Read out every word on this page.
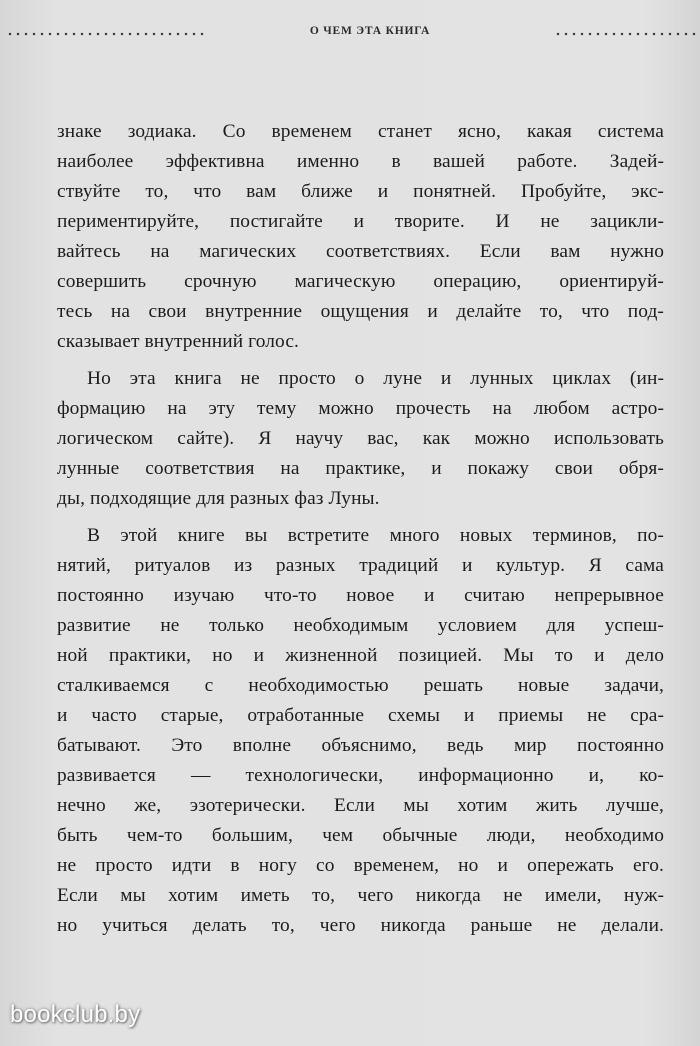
О ЧЕМ ЭТА КНИГА
знаке зодиака. Со временем станет ясно, какая система
наиболее эффективна именно в вашей работе. Задей-
ствуйте то, что вам ближе и понятней. Пробуйте, экс-
периментируйте, постигайте и творите. И не зацикли-
вайтесь на магических соответствиях. Если вам нужно
совершить срочную магическую операцию, ориентируй-
тесь на свои внутренние ощущения и делайте то, что под-
сказывает внутренний голос.
Но эта книга не просто о луне и лунных циклах (ин-
формацию на эту тему можно прочесть на любом астро-
логическом сайте). Я научу вас, как можно использовать
лунные соответствия на практике, и покажу свои обря-
ды, подходящие для разных фаз Луны.
В этой книге вы встретите много новых терминов, по-
нятий, ритуалов из разных традиций и культур. Я сама
постоянно изучаю что-то новое и считаю непрерывное
развитие не только необходимым условием для успеш-
ной практики, но и жизненной позицией. Мы то и дело
сталкиваемся с необходимостью решать новые задачи,
и часто старые, отработанные схемы и приемы не сра-
батывают. Это вполне объяснимо, ведь мир постоянно
развивается — технологически, информационно и, ко-
нечно же, эзотерически. Если мы хотим жить лучше,
быть чем-то большим, чем обычные люди, необходимо
не просто идти в ногу со временем, но и опережать его.
Если мы хотим иметь то, чего никогда не имели, нуж-
но учиться делать то, чего никогда раньше не делали.
bookclub.by
